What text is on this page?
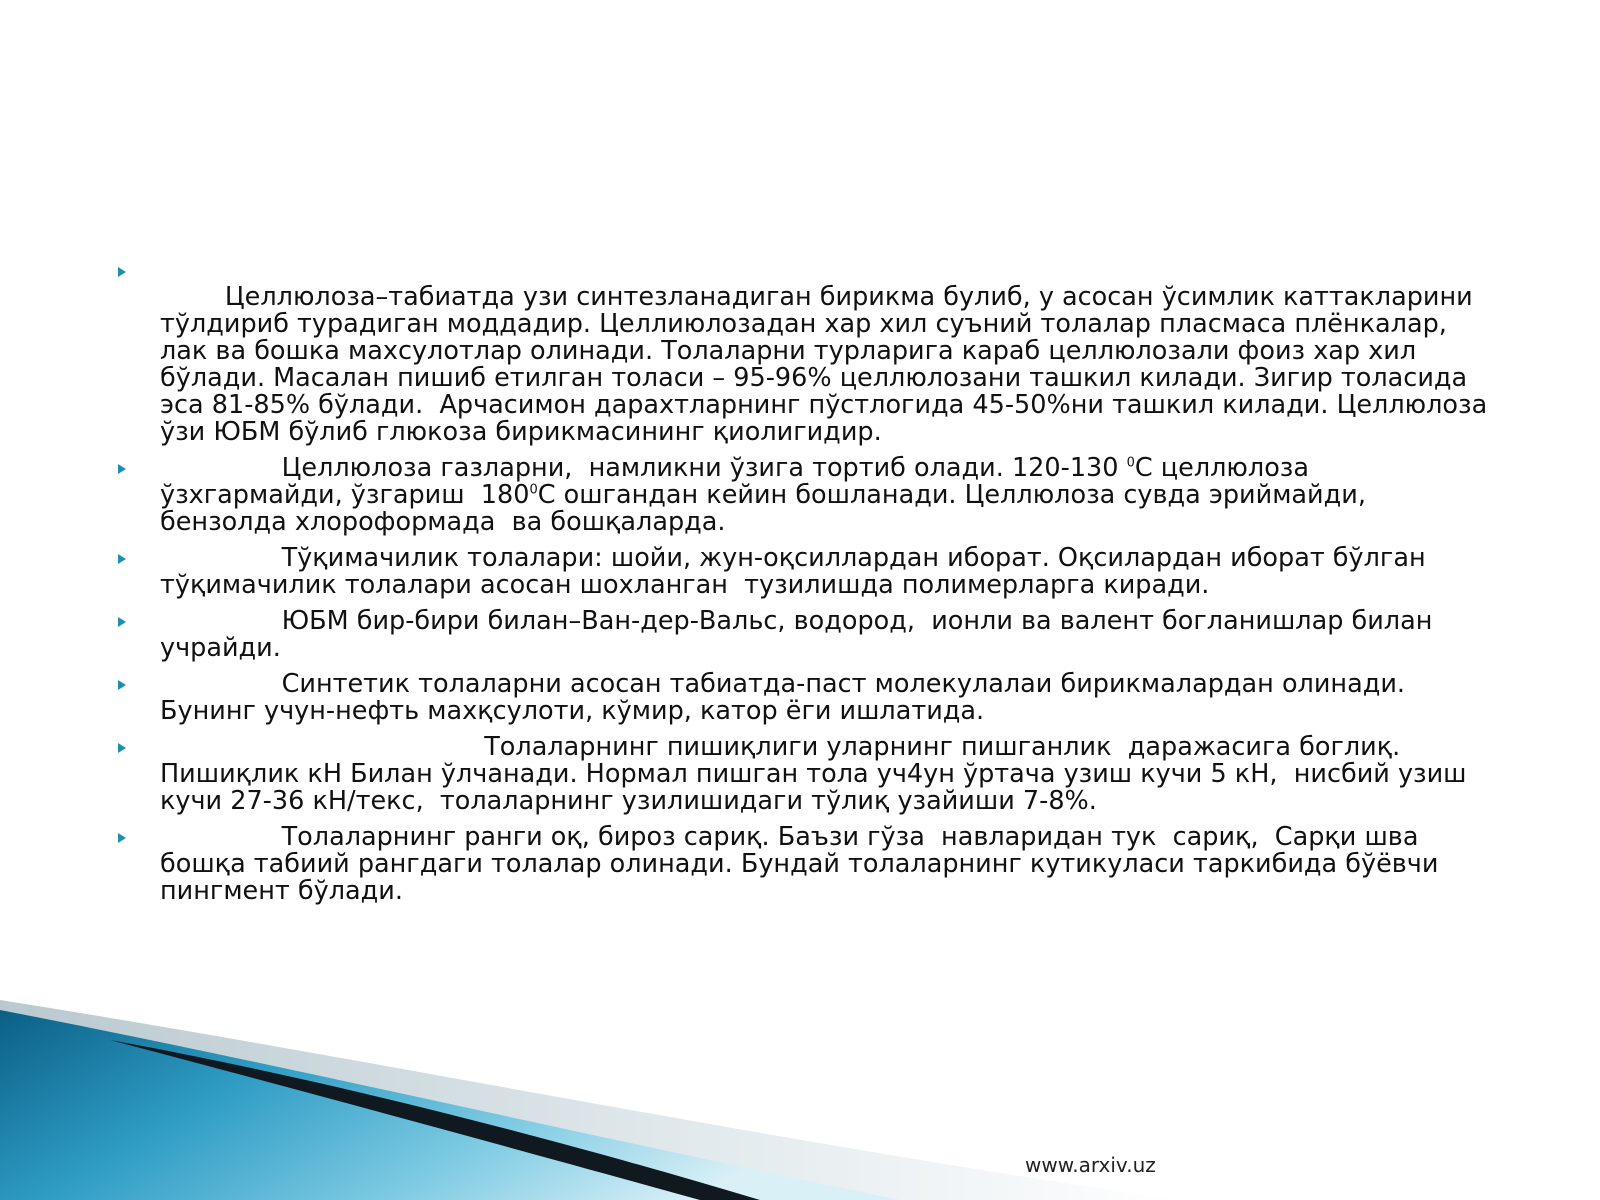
Целлюлоза–табиатда узи синтезланадиган бирикма булиб, у асосан ўсимлик каттакларини тўлдириб турадиган моддадир. Целлиюлозадан хар хил суъний толалар пласмаса плёнкалар,  лак ва бошка махсулотлар олинади. Толаларни турларига караб целлюлозали фоиз хар хил бўлади. Масалан пишиб етилган толаси – 95-96% целлюлозани ташкил килади. Зигир толасида эса 81-85% бўлади.  Арчасимон дарахтларнинг пўстлогида 45-50%ни ташкил килади. Целлюлоза ўзи ЮБМ бўлиб глюкоза бирикмасининг қиолигидир.
Целлюлоза газларни,  намликни ўзига тортиб олади. 120-130 $^0$C целлюлоза ўзхгармайди, ўзгариш  $180^0С$ ошгандан кейин бошланади. Целлюлоза сувда эриймайди, бензолда хлороформада  ва бошқаларда.
Тўқимачилик толалари: шойи, жун-оқсиллардан иборат. Оқсилардан иборат бўлган тўқимачилик толалари асосан шохланган  тузилишда полимерларга киради.
ЮБМ бир-бири билан–Ван-дер-Вальс, водород,  ионли ва валент богланишлар билан учрайди.
Синтетик толаларни асосан табиатда-паст молекулалаи бирикмалардан олинади. Бунинг учун-нефть махқсулоти, кўмир, катор ёги ишлатида.
Толаларнинг пишиқлиги уларнинг пишганлик  даражасига боглиқ. Пишиқлик кН Билан ўлчанади. Нормал пишган тола уч4ун ўртача узиш кучи 5 кН,  нисбий узиш кучи 27-36 кН/текс,  толаларнинг узилишидаги тўлиқ узайиши 7-8%.
Толаларнинг ранги оқ, бироз сариқ. Баъзи гўза  навларидан тук  сариқ,  Сарқи шва бошқа табиий рангдаги толалар олинади. Бундай толаларнинг кутикуласи таркибида бўёвчи пингмент бўлади.
www.arxiv.uz
